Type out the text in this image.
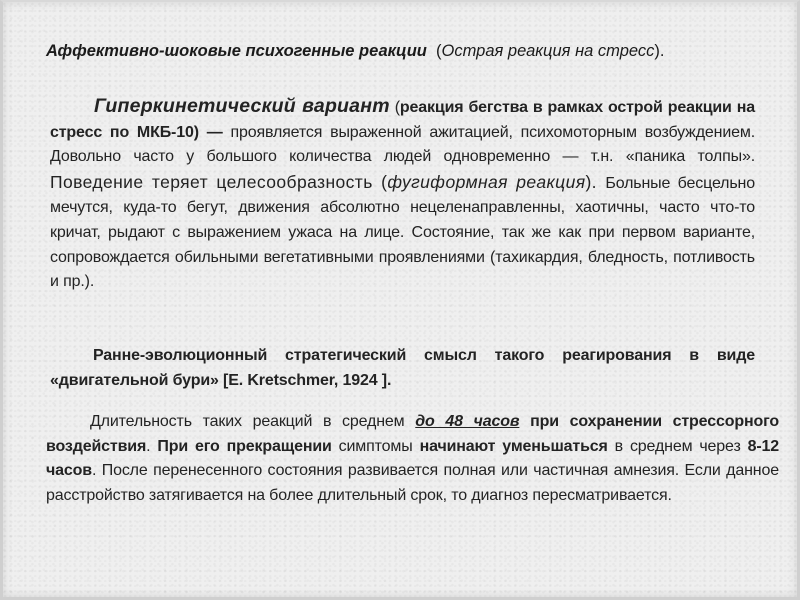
Аффективно-шоковые психогенные реакции (Острая реакция на стресс).
Гиперкинетический вариант (реакция бегства в рамках острой реакции на стресс по МКБ-10) — проявляется выраженной ажитацией, психомоторным возбуждением. Довольно часто у большого количества людей одновременно — т.н. «паника толпы». Поведение теряет целесообразность (фугиформная реакция). Больные бесцельно мечутся, куда-то бегут, движения абсолютно нецеленаправленны, хаотичны, часто что-то кричат, рыдают с выражением ужаса на лице. Состояние, так же как при первом варианте, сопровождается обильными вегетативными проявлениями (тахикардия, бледность, потливость и пр.).
Ранне-эволюционный стратегический смысл такого реагирования в виде «двигательной бури» [E. Kretschmer, 1924 ].
Длительность таких реакций в среднем до 48 часов при сохранении стрессорного воздействия. При его прекращении симптомы начинают уменьшаться в среднем через 8-12 часов. После перенесенного состояния развивается полная или частичная амнезия. Если данное расстройство затягивается на более длительный срок, то диагноз пересматривается.
